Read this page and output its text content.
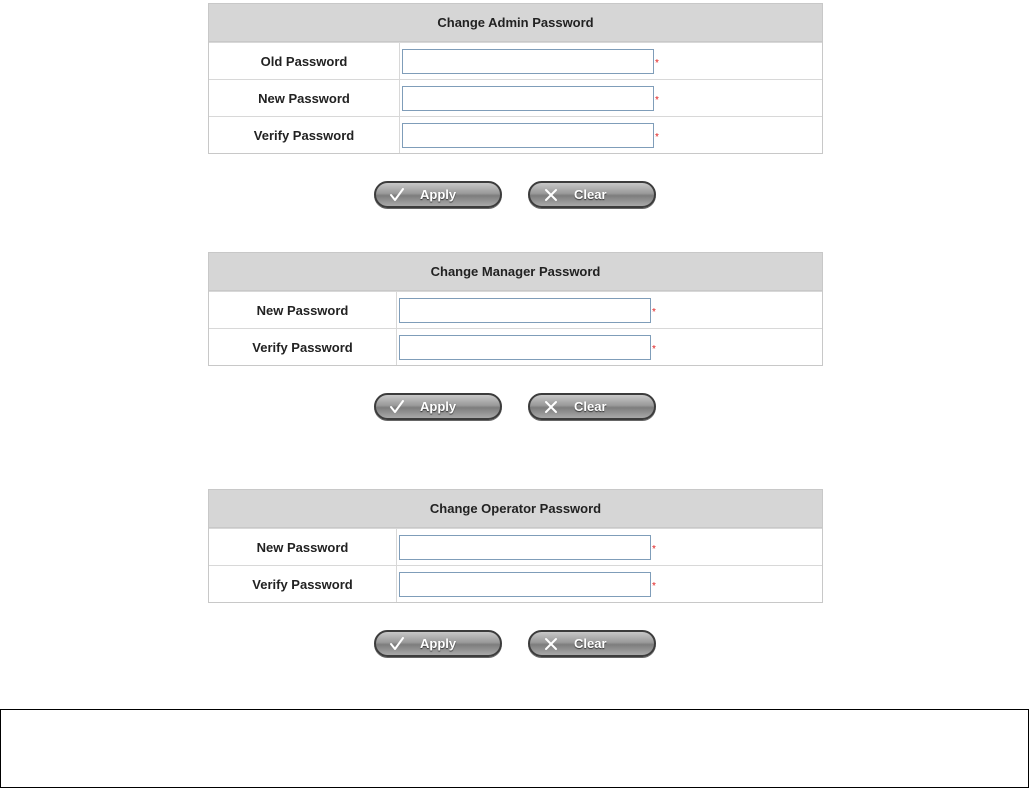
Change Admin Password
Old Password	*
New Password	*
Verify Password	*
Apply	Clear
Change Manager Password
New Password	*
Verify Password	*
Apply	Clear
Change Operator Password
New Password	*
Verify Password	*
Apply	Clear
